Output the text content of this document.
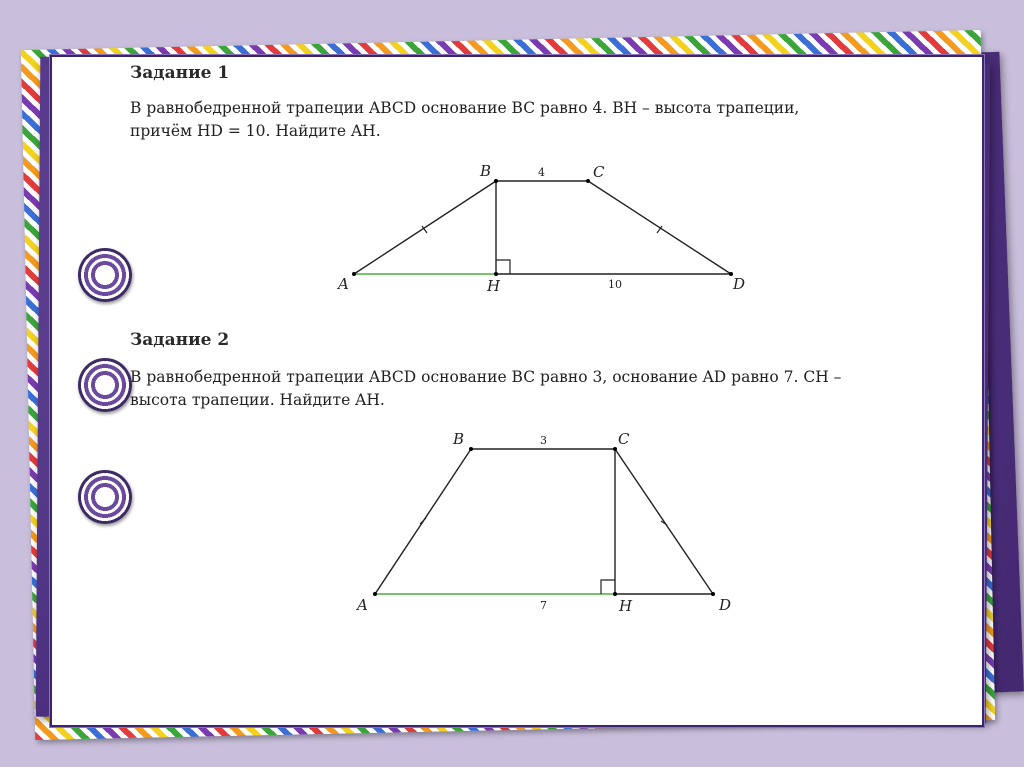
Задание 1

В равнобедренной трапеции ABCD основание BC равно 4. BH – высота трапеции,
причём HD = 10. Найдите AH.

B	C
A	H	D
4
10
Задание 2

В равнобедренной трапеции ABCD основание BC равно 3, основание AD равно 7. CH –
высота трапеции. Найдите AH.

B	C
A	H	D
3
7
